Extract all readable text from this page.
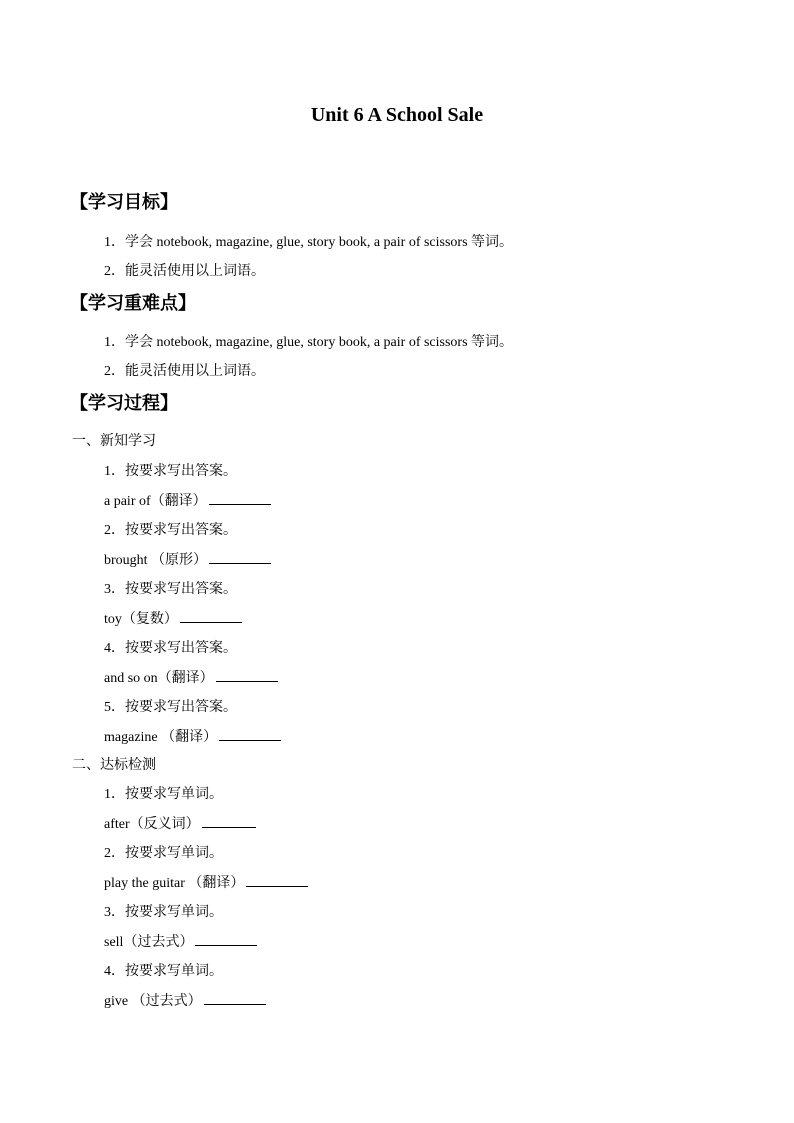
Unit 6 A School Sale
【学习目标】
1．学会 notebook, magazine, glue, story book, a pair of scissors 等词。
2．能灵活使用以上词语。
【学习重难点】
1．学会 notebook, magazine, glue, story book, a pair of scissors 等词。
2．能灵活使用以上词语。
【学习过程】
一、新知学习
1．按要求写出答案。
a pair of（翻译）
2．按要求写出答案。
brought （原形）
3．按要求写出答案。
toy（复数）
4．按要求写出答案。
and so on（翻译）
5．按要求写出答案。
magazine （翻译）
二、达标检测
1．按要求写单词。
after（反义词）
2．按要求写单词。
play the guitar （翻译）
3．按要求写单词。
sell（过去式）
4．按要求写单词。
give （过去式）
